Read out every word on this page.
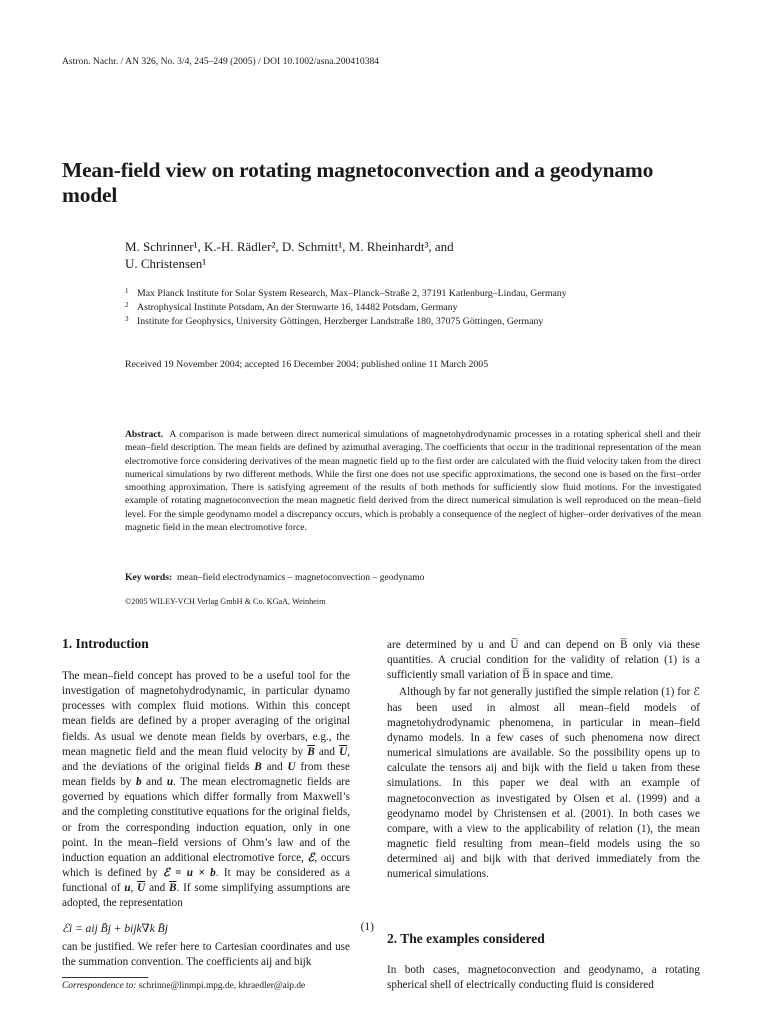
Astron. Nachr. / AN 326, No. 3/4, 245–249 (2005) / DOI 10.1002/asna.200410384
Mean-field view on rotating magnetoconvection and a geodynamo model
M. Schrinner¹, K.-H. Rädler², D. Schmitt¹, M. Rheinhardt³, and
U. Christensen¹
1 Max Planck Institute for Solar System Research, Max–Planck–Straße 2, 37191 Katlenburg–Lindau, Germany
2 Astrophysical Institute Potsdam, An der Sternwarte 16, 14482 Potsdam, Germany
3 Institute for Geophysics, University Göttingen, Herzberger Landstraße 180, 37075 Göttingen, Germany
Received 19 November 2004; accepted 16 December 2004; published online 11 March 2005
Abstract. A comparison is made between direct numerical simulations of magnetohydrodynamic processes in a rotating spherical shell and their mean–field description. The mean fields are defined by azimuthal averaging. The coefficients that occur in the traditional representation of the mean electromotive force considering derivatives of the mean magnetic field up to the first order are calculated with the fluid velocity taken from the direct numerical simulations by two different methods. While the first one does not use specific approximations, the second one is based on the first–order smoothing approximation. There is satisfying agreement of the results of both methods for sufficiently slow fluid motions. For the investigated example of rotating magnetoconvection the mean magnetic field derived from the direct numerical simulation is well reproduced on the mean–field level. For the simple geodynamo model a discrepancy occurs, which is probably a consequence of the neglect of higher–order derivatives of the mean magnetic field in the mean electromotive force.
Key words: mean–field electrodynamics – magnetoconvection – geodynamo
©2005 WILEY-VCH Verlag GmbH & Co. KGaA, Weinheim
1. Introduction

The mean–field concept has proved to be a useful tool for the investigation of magnetohydrodynamic, in particular dynamo processes with complex fluid motions. Within this concept mean fields are defined by a proper averaging of the original fields. As usual we denote mean fields by overbars, e.g., the mean magnetic field and the mean fluid velocity by $\overline{B}$ and $\overline{U}$, and the deviations of the original fields B and U from these mean fields by b and u. The mean electromagnetic fields are governed by equations which differ formally from Maxwell’s and the completing constitutive equations for the original fields, or from the corresponding induction equation, only in one point. In the mean–field versions of Ohm’s law and of the induction equation an additional electromotive force, ℰ, occurs which is defined by ℰ = u × b. It may be considered as a functional of u, $\overline{U}$ and $\overline{B}$. If some simplifying assumptions are adopted, the representation

ℰi = aij B̄j + bijk∇k B̄j	(1)
can be justified. We refer here to Cartesian coordinates and use the summation convention. The coefficients aij and bijk
Correspondence to: schrinne@linmpi.mpg.de, khraedler@aip.de

are determined by u and U̅ and can depend on B̅ only via these quantities. A crucial condition for the validity of relation (1) is a sufficiently small variation of B̅ in space and time.

Although by far not generally justified the simple relation (1) for ℰ has been used in almost all mean–field models of magnetohydrodynamic phenomena, in particular in mean–field dynamo models. In a few cases of such phenomena now direct numerical simulations are available. So the possibility opens up to calculate the tensors aij and bijk with the field u taken from these simulations. In this paper we deal with an example of magnetoconvection as investigated by Olsen et al. (1999) and a geodynamo model by Christensen et al. (2001). In both cases we compare, with a view to the applicability of relation (1), the mean magnetic field resulting from mean–field models using the so determined aij and bijk with that derived immediately from the numerical simulations.

2. The examples considered
In both cases, magnetoconvection and geodynamo, a rotating spherical shell of electrically conducting fluid is considered
